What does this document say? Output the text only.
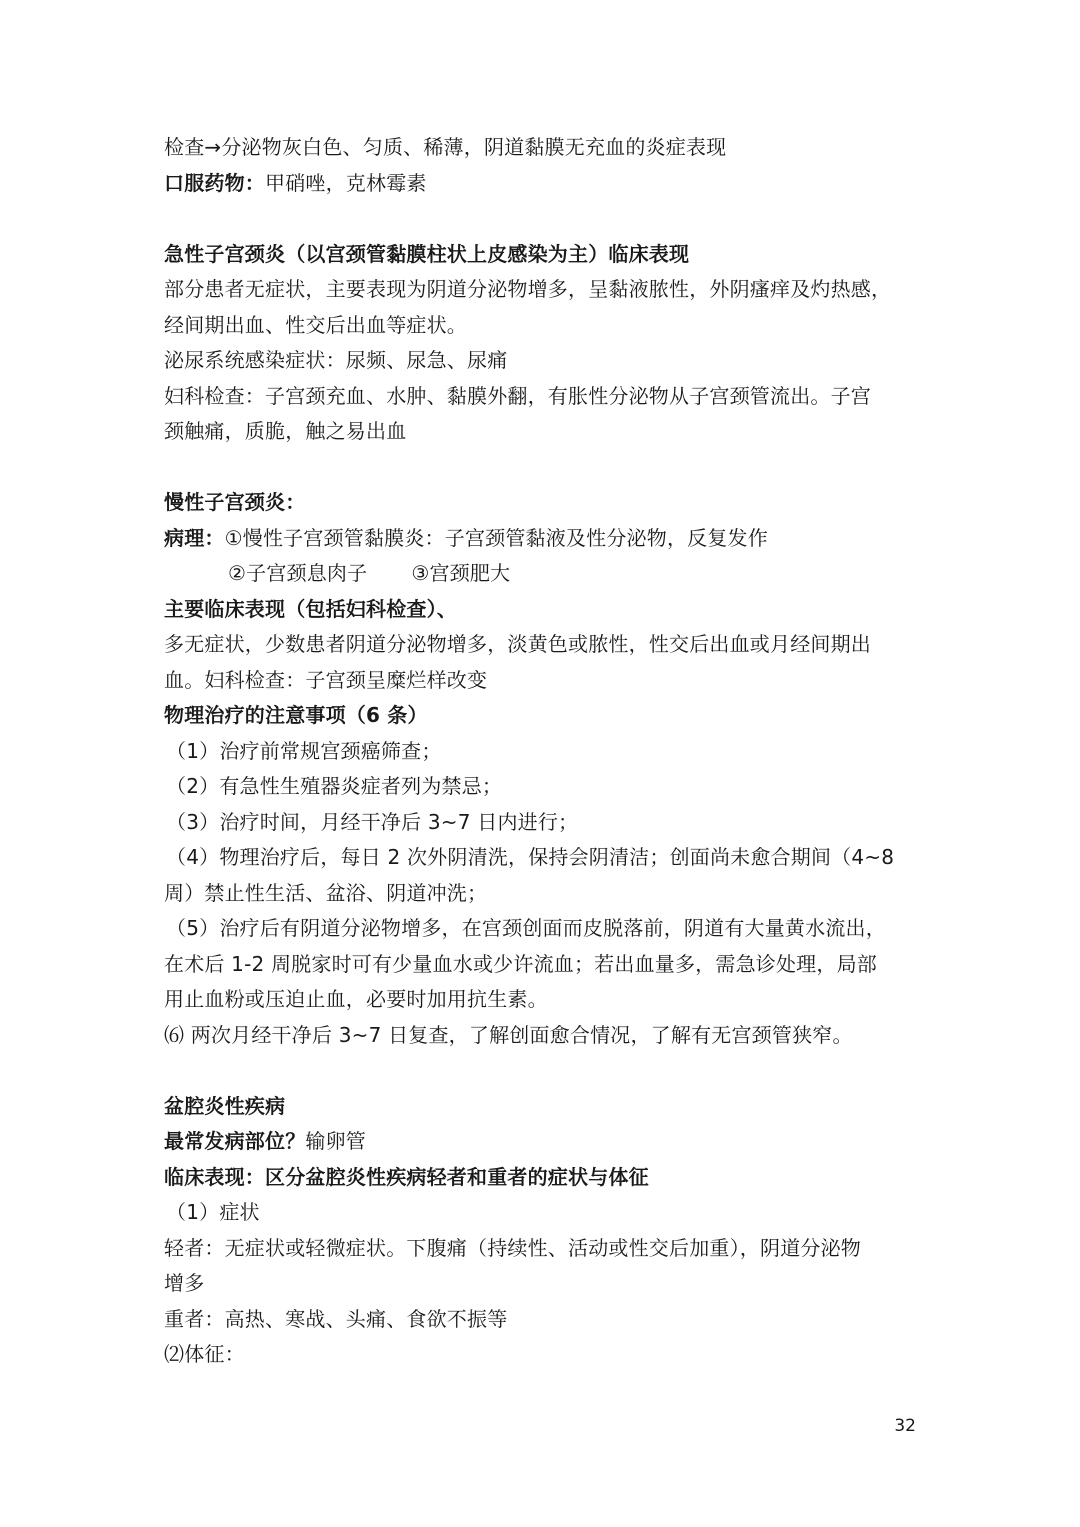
检查→分泌物灰白色、匀质、稀薄，阴道黏膜无充血的炎症表现
口服药物：甲硝唑，克林霉素
急性子宫颈炎（以宫颈管黏膜柱状上皮感染为主）临床表现
部分患者无症状，主要表现为阴道分泌物增多，呈黏液脓性，外阴瘙痒及灼热感，
经间期出血、性交后出血等症状。
泌尿系统感染症状：尿频、尿急、尿痛
妇科检查：子宫颈充血、水肿、黏膜外翻，有胀性分泌物从子宫颈管流出。子宫
颈触痛，质脆，触之易出血
慢性子宫颈炎：
病理：①慢性子宫颈管黏膜炎：子宫颈管黏液及性分泌物，反复发作
②子宫颈息肉子 ③宫颈肥大
主要临床表现（包括妇科检查）、
多无症状，少数患者阴道分泌物增多，淡黄色或脓性，性交后出血或月经间期出
血。妇科检查：子宫颈呈糜烂样改变
物理治疗的注意事项（6 条）
（1）治疗前常规宫颈癌筛查；
（2）有急性生殖器炎症者列为禁忌；
（3）治疗时间，月经干净后 3~7 日内进行；
（4）物理治疗后，每日 2 次外阴清洗，保持会阴清洁；创面尚未愈合期间（4~8
周）禁止性生活、盆浴、阴道冲洗；
（5）治疗后有阴道分泌物增多，在宫颈创面而皮脱落前，阴道有大量黄水流出，
在术后 1-2 周脱家时可有少量血水或少许流血；若出血量多，需急诊处理，局部
用止血粉或压迫止血，必要时加用抗生素。
⑹ 两次月经干净后 3~7 日复查，了解创面愈合情况，了解有无宫颈管狭窄。
盆腔炎性疾病
最常发病部位？输卵管
临床表现：区分盆腔炎性疾病轻者和重者的症状与体征
（1）症状
轻者：无症状或轻微症状。下腹痛（持续性、活动或性交后加重），阴道分泌物
增多
重者：高热、寒战、头痛、食欲不振等
⑵体征：
32
